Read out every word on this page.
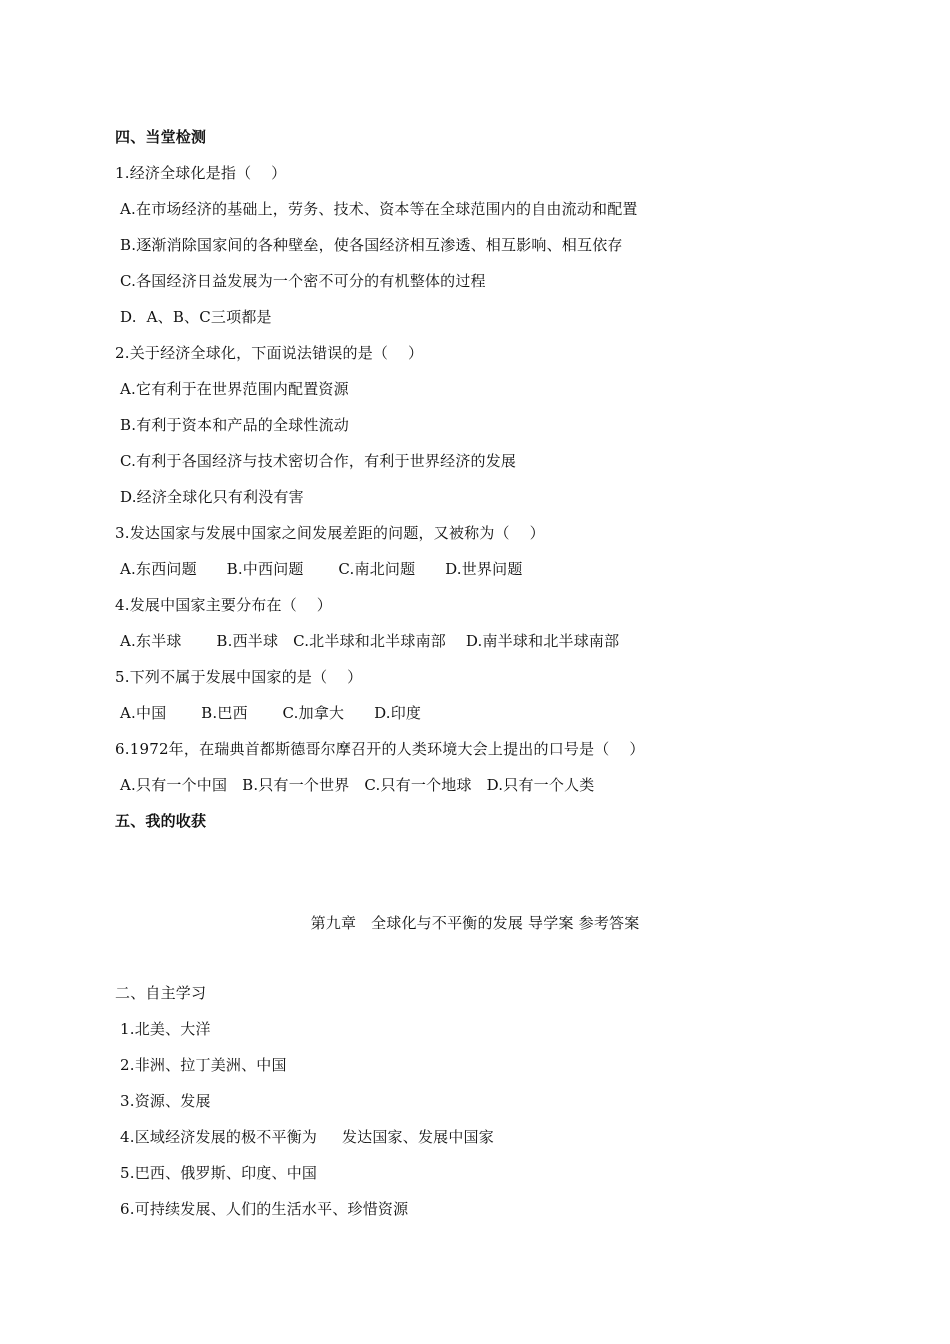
四、当堂检测
1.经济全球化是指（    ）
A.在市场经济的基础上，劳务、技术、资本等在全球范围内的自由流动和配置
B.逐渐消除国家间的各种壁垒，使各国经济相互渗透、相互影响、相互依存
C.各国经济日益发展为一个密不可分的有机整体的过程
D.  A、B、C三项都是
2.关于经济全球化，下面说法错误的是（    ）
A.它有利于在世界范围内配置资源
B.有利于资本和产品的全球性流动
C.有利于各国经济与技术密切合作，有利于世界经济的发展
D.经济全球化只有利没有害
3.发达国家与发展中国家之间发展差距的问题，又被称为（    ）
A.东西问题      B.中西问题       C.南北问题      D.世界问题
4.发展中国家主要分布在（    ）
A.东半球       B.西半球   C.北半球和北半球南部    D.南半球和北半球南部
5.下列不属于发展中国家的是（    ）
A.中国       B.巴西       C.加拿大      D.印度
6.1972年，在瑞典首都斯德哥尔摩召开的人类环境大会上提出的口号是（    ）
A.只有一个中国   B.只有一个世界   C.只有一个地球   D.只有一个人类
五、我的收获
第九章   全球化与不平衡的发展 导学案 参考答案
二、自主学习
1.北美、大洋
2.非洲、拉丁美洲、中国
3.资源、发展
4.区域经济发展的极不平衡为     发达国家、发展中国家
5.巴西、俄罗斯、印度、中国
6.可持续发展、人们的生活水平、珍惜资源
